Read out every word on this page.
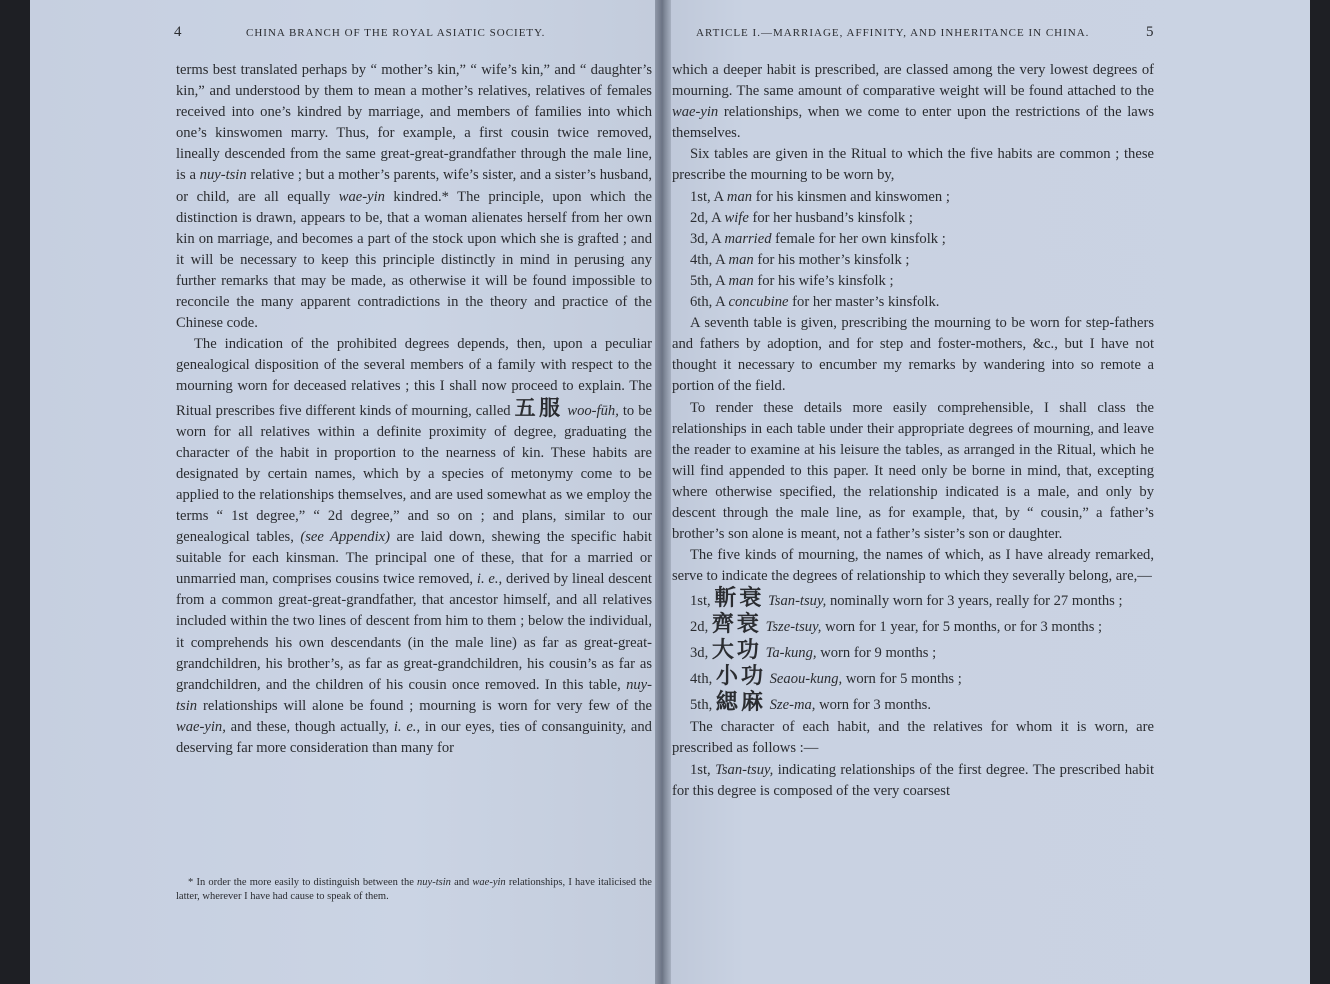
4	CHINA BRANCH OF THE ROYAL ASIATIC SOCIETY.

terms best translated perhaps by “ mother’s kin,” “ wife’s kin,” and “ daughter’s kin,” and understood by them to mean a mother’s relatives, relatives of females received into one’s kindred by marriage, and members of families into which one’s kinswomen marry. Thus, for example, a first cousin twice removed, lineally descended from the same great-great-grandfather through the male line, is a nuy-tsin relative ; but a mother’s parents, wife’s sister, and a sister’s husband, or child, are all equally wae-yin kindred.* The principle, upon which the distinction is drawn, appears to be, that a woman alienates herself from her own kin on marriage, and becomes a part of the stock upon which she is grafted ; and it will be necessary to keep this principle distinctly in mind in perusing any further remarks that may be made, as otherwise it will be found impossible to reconcile the many apparent contradictions in the theory and practice of the Chinese code.

The indication of the prohibited degrees depends, then, upon a peculiar genealogical disposition of the several members of a family with respect to the mourning worn for deceased relatives ; this I shall now proceed to explain. The Ritual prescribes five different kinds of mourning, called 五服 woo-fūh, to be worn for all relatives within a definite proximity of degree, graduating the character of the habit in proportion to the nearness of kin. These habits are designated by certain names, which by a species of metonymy come to be applied to the relationships themselves, and are used somewhat as we employ the terms “ 1st degree,” “ 2d degree,” and so on ; and plans, similar to our genealogical tables, (see Appendix) are laid down, shewing the specific habit suitable for each kinsman. The principal one of these, that for a married or unmarried man, comprises cousins twice removed, i. e., derived by lineal descent from a common great-great-grandfather, that ancestor himself, and all relatives included within the two lines of descent from him to them ; below the individual, it comprehends his own descendants (in the male line) as far as great-great-grandchildren, his brother’s, as far as great-grandchildren, his cousin’s as far as grandchildren, and the children of his cousin once removed. In this table, nuy-tsin relationships will alone be found ; mourning is worn for very few of the wae-yin, and these, though actually, i. e., in our eyes, ties of consanguinity, and deserving far more consideration than many for

* In order the more easily to distinguish between the nuy-tsin and wae-yin relationships, I have italicised the latter, wherever I have had cause to speak of them.

ARTICLE I.—MARRIAGE, AFFINITY, AND INHERITANCE IN CHINA.	5

which a deeper habit is prescribed, are classed among the very lowest degrees of mourning. The same amount of comparative weight will be found attached to the wae-yin relationships, when we come to enter upon the restrictions of the laws themselves.

Six tables are given in the Ritual to which the five habits are common ; these prescribe the mourning to be worn by,

1st, A man for his kinsmen and kinswomen ;

2d, A wife for her husband’s kinsfolk ;

3d, A married female for her own kinsfolk ;

4th, A man for his mother’s kinsfolk ;

5th, A man for his wife’s kinsfolk ;

6th, A concubine for her master’s kinsfolk.

A seventh table is given, prescribing the mourning to be worn for step-fathers and fathers by adoption, and for step and foster-mothers, &c., but I have not thought it necessary to encumber my remarks by wandering into so remote a portion of the field.

To render these details more easily comprehensible, I shall class the relationships in each table under their appropriate degrees of mourning, and leave the reader to examine at his leisure the tables, as arranged in the Ritual, which he will find appended to this paper. It need only be borne in mind, that, excepting where otherwise specified, the relationship indicated is a male, and only by descent through the male line, as for example, that, by “ cousin,” a father’s brother’s son alone is meant, not a father’s sister’s son or daughter.

The five kinds of mourning, the names of which, as I have already remarked, serve to indicate the degrees of relationship to which they severally belong, are,—

1st, 斬衰 Tsan-tsuy, nominally worn for 3 years, really for 27 months ;

2d, 齊衰 Tsze-tsuy, worn for 1 year, for 5 months, or for 3 months ;

3d, 大功 Ta-kung, worn for 9 months ;

4th, 小功 Seaou-kung, worn for 5 months ;

5th, 緦麻 Sze-ma, worn for 3 months.

The character of each habit, and the relatives for whom it is worn, are prescribed as follows :—

1st, Tsan-tsuy, indicating relationships of the first degree. The prescribed habit for this degree is composed of the very coarsest
